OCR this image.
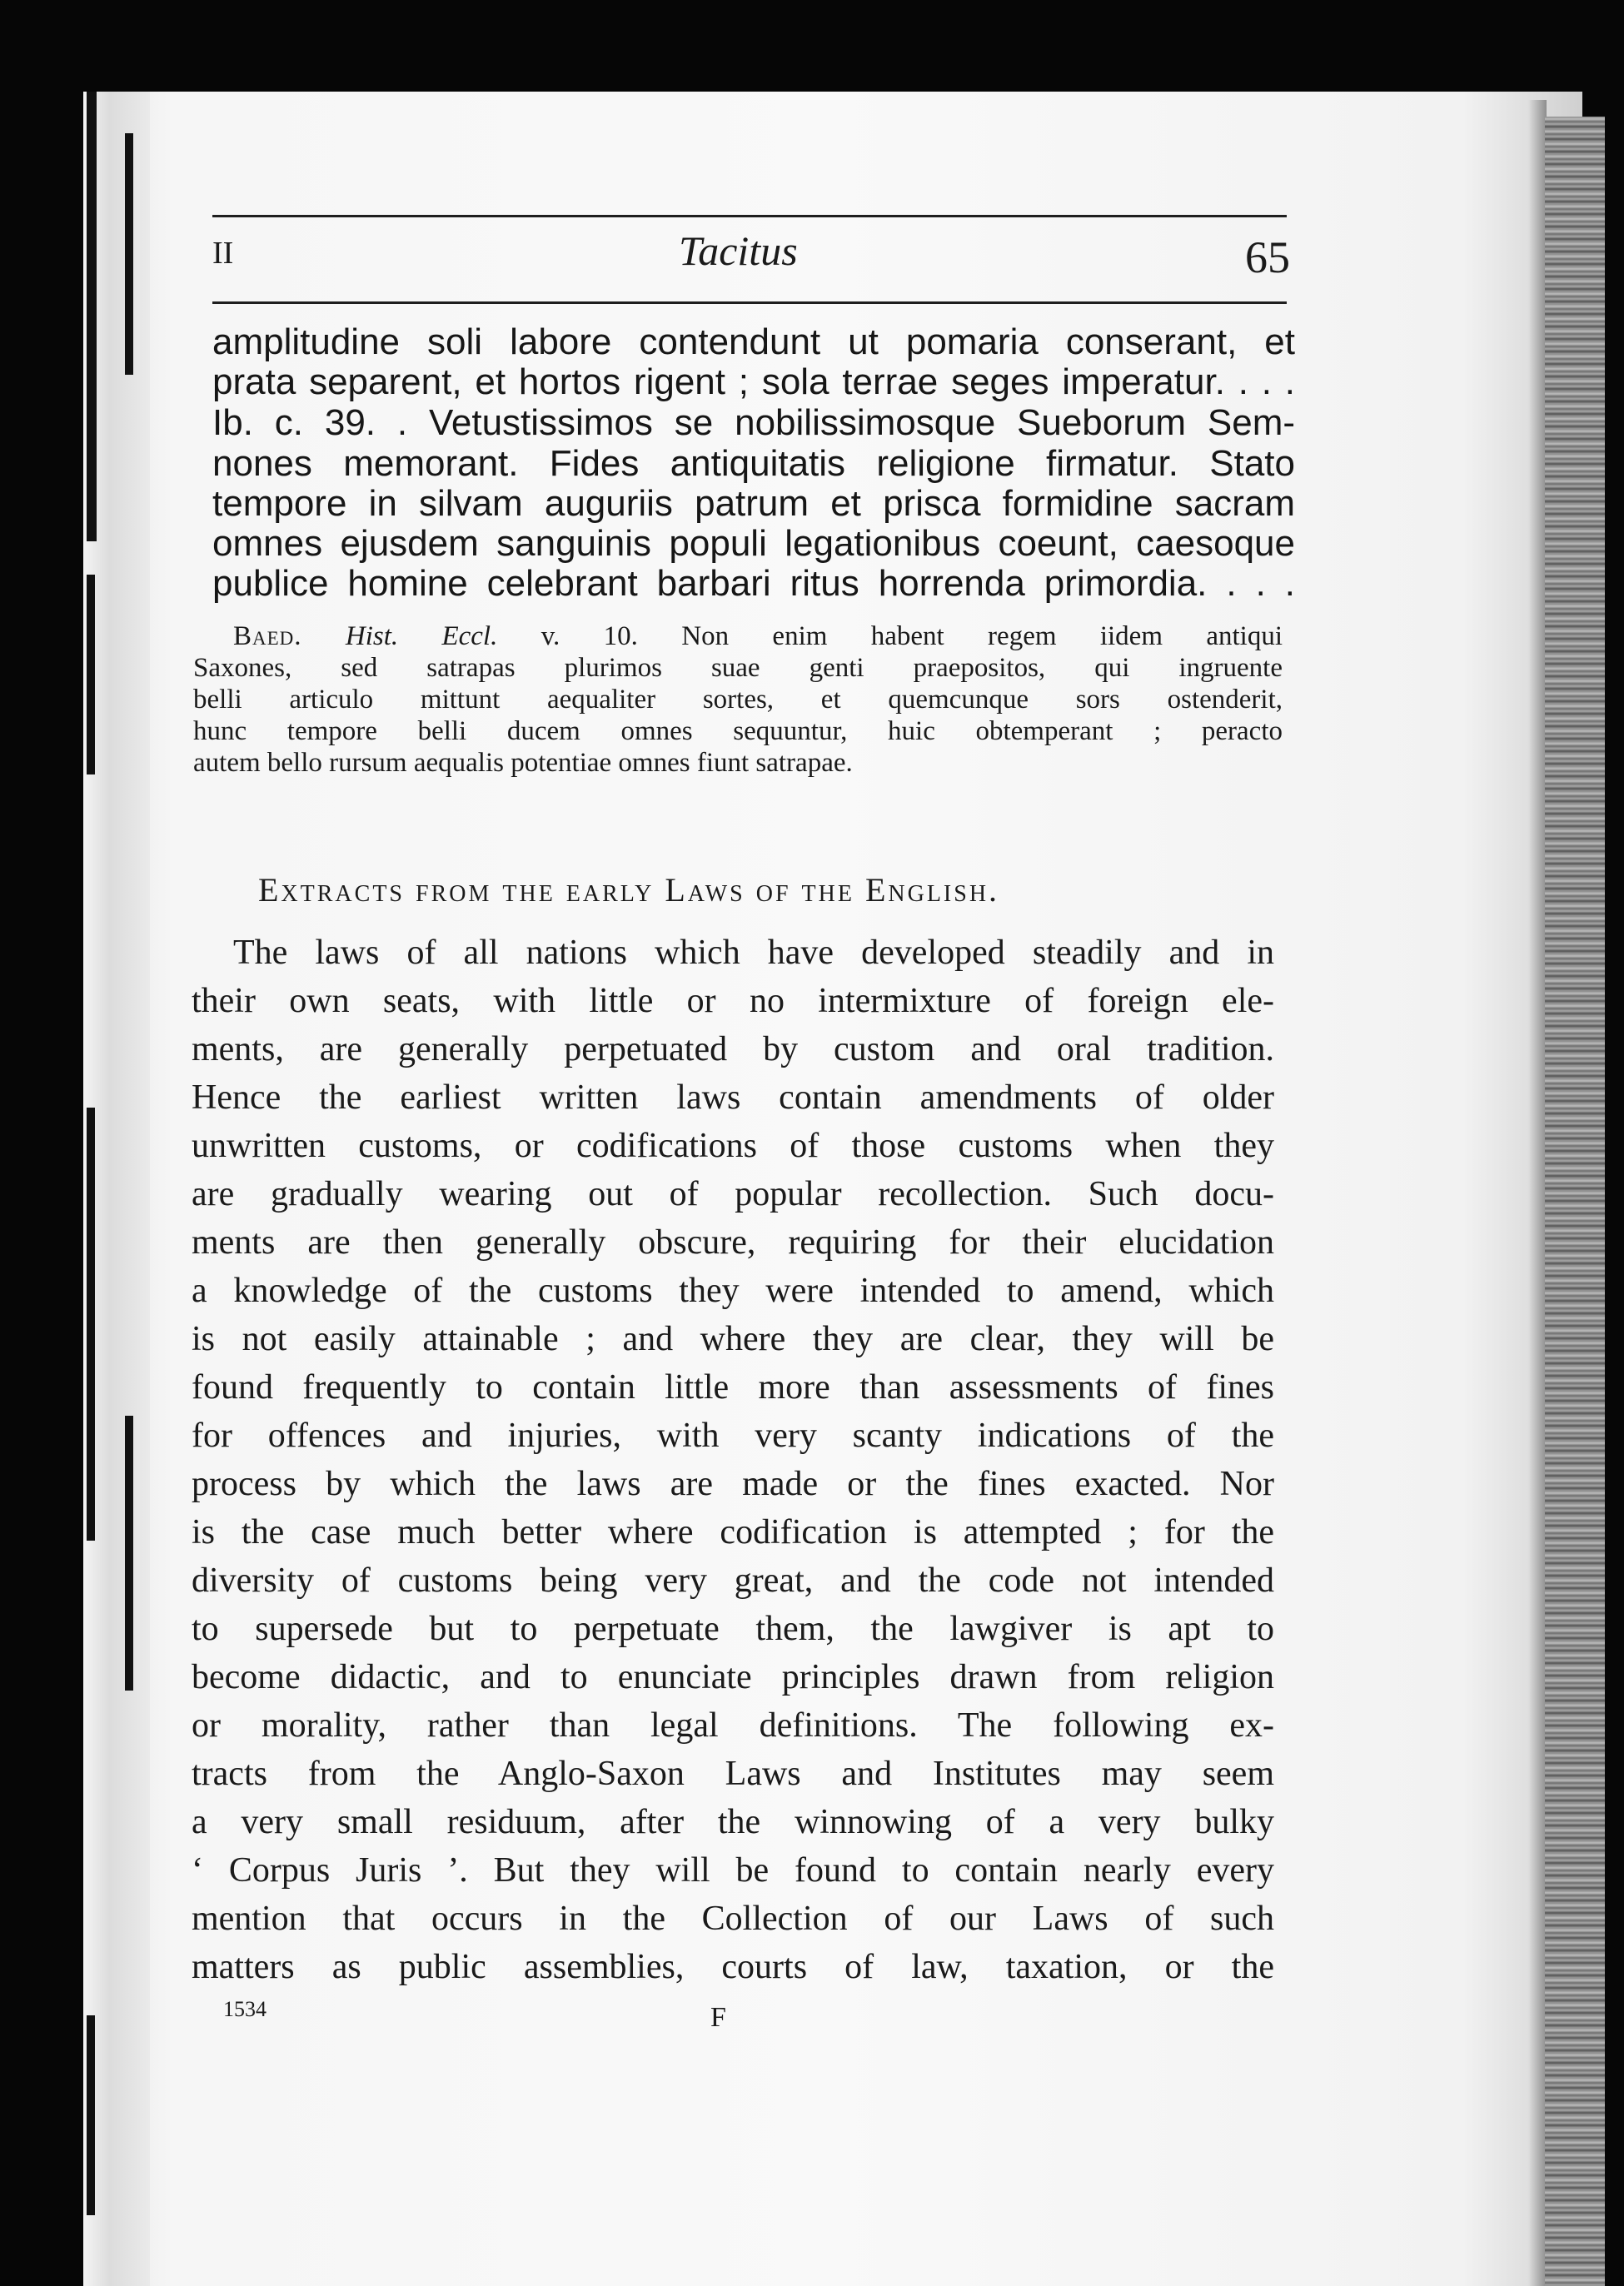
II	Tacitus	65
amplitudine soli labore contendunt ut pomaria conserant, et
prata separent, et hortos rigent ; sola terrae seges imperatur. . . .
Ib. c. 39. . Vetustissimos se nobilissimosque Sueborum Sem-
nones memorant. Fides antiquitatis religione firmatur. Stato
tempore in silvam auguriis patrum et prisca formidine sacram
omnes ejusdem sanguinis populi legationibus coeunt, caesoque
publice homine celebrant barbari ritus horrenda primordia. . . .
Baed. Hist. Eccl. v. 10. Non enim habent regem iidem antiqui
Saxones, sed satrapas plurimos suae genti praepositos, qui ingruente
belli articulo mittunt aequaliter sortes, et quemcunque sors ostenderit,
hunc tempore belli ducem omnes sequuntur, huic obtemperant ; peracto
autem bello rursum aequalis potentiae omnes fiunt satrapae.
Extracts from the early Laws of the English.
The laws of all nations which have developed steadily and in
their own seats, with little or no intermixture of foreign ele-
ments, are generally perpetuated by custom and oral tradition.
Hence the earliest written laws contain amendments of older
unwritten customs, or codifications of those customs when they
are gradually wearing out of popular recollection. Such docu-
ments are then generally obscure, requiring for their elucidation
a knowledge of the customs they were intended to amend, which
is not easily attainable ; and where they are clear, they will be
found frequently to contain little more than assessments of fines
for offences and injuries, with very scanty indications of the
process by which the laws are made or the fines exacted. Nor
is the case much better where codification is attempted ; for the
diversity of customs being very great, and the code not intended
to supersede but to perpetuate them, the lawgiver is apt to
become didactic, and to enunciate principles drawn from religion
or morality, rather than legal definitions. The following ex-
tracts from the Anglo-Saxon Laws and Institutes may seem
a very small residuum, after the winnowing of a very bulky
‘ Corpus Juris ’. But they will be found to contain nearly every
mention that occurs in the Collection of our Laws of such
matters as public assemblies, courts of law, taxation, or the
1534	F
